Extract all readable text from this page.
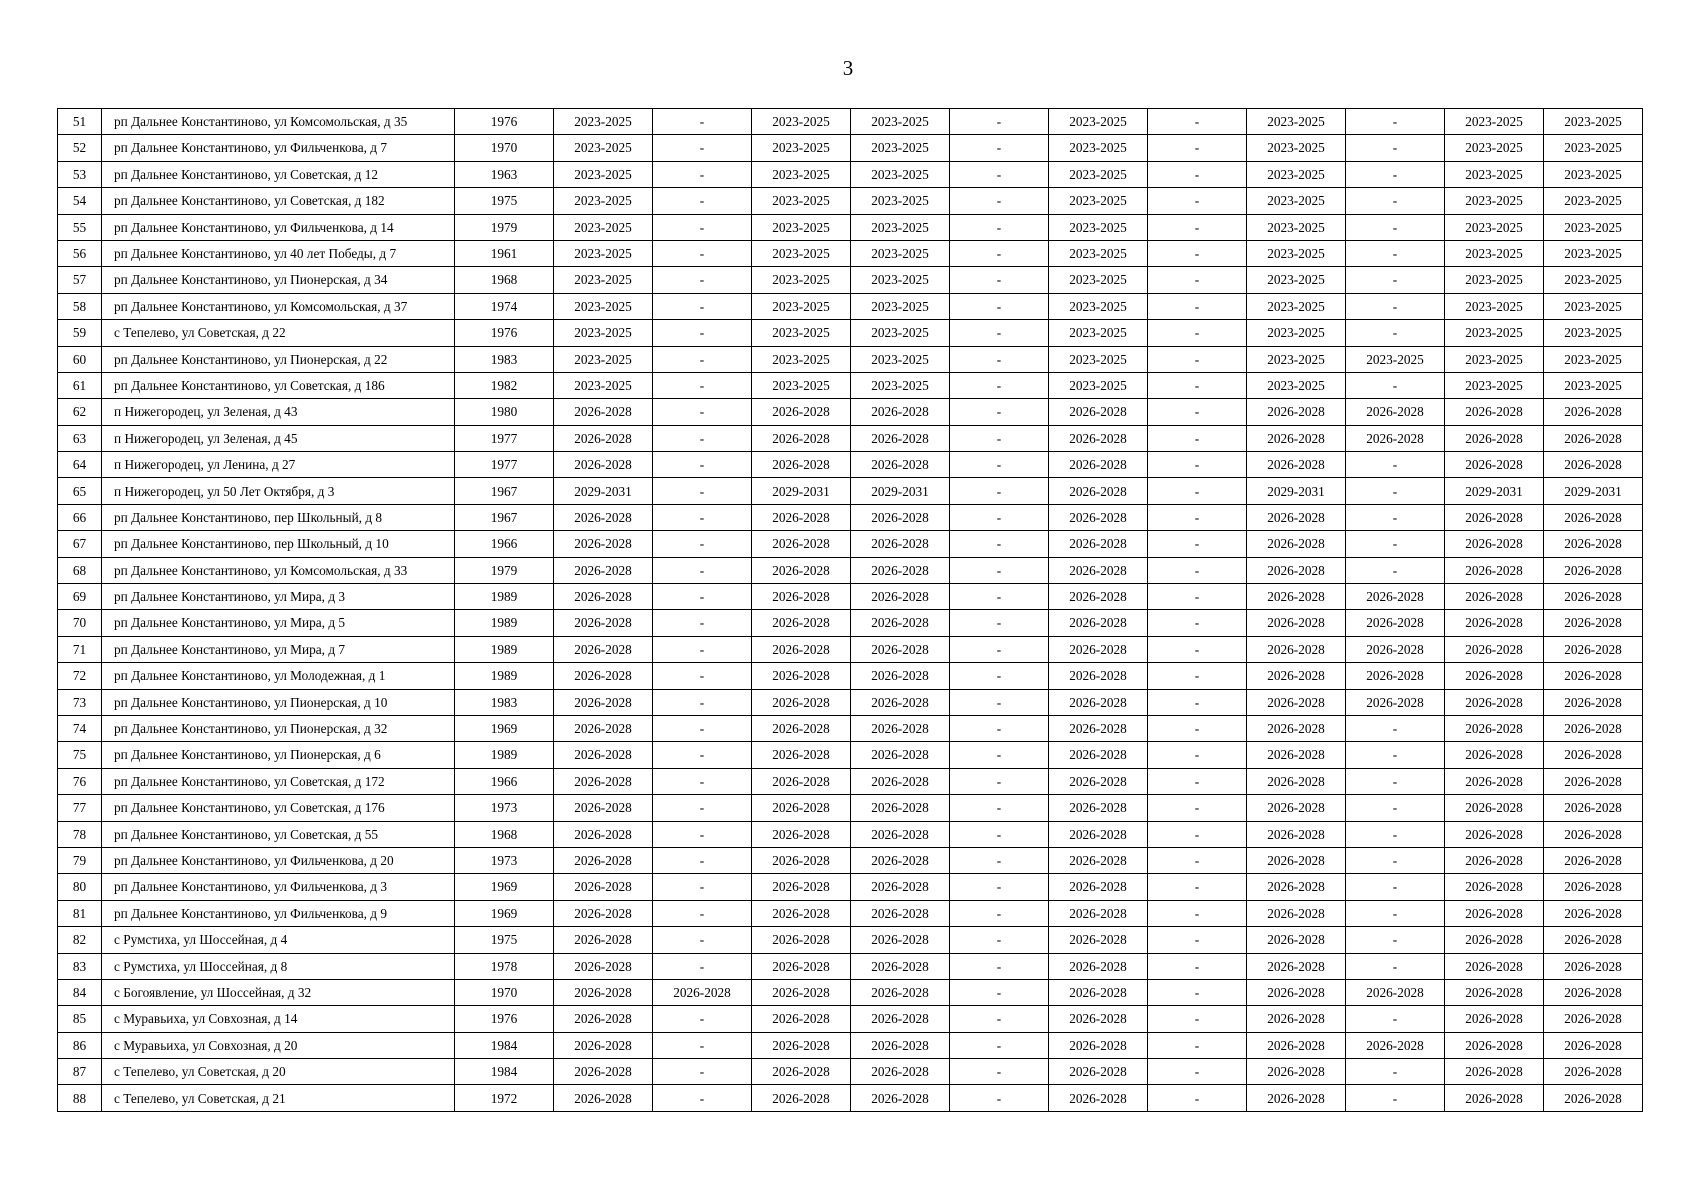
3
51	рп Дальнее Константиново, ул Комсомольская, д 35	1976	2023-2025	-	2023-2025	2023-2025	-	2023-2025	-	2023-2025	-	2023-2025	2023-2025
52	рп Дальнее Константиново, ул Фильченкова, д 7	1970	2023-2025	-	2023-2025	2023-2025	-	2023-2025	-	2023-2025	-	2023-2025	2023-2025
53	рп Дальнее Константиново, ул Советская, д 12	1963	2023-2025	-	2023-2025	2023-2025	-	2023-2025	-	2023-2025	-	2023-2025	2023-2025
54	рп Дальнее Константиново, ул Советская, д 182	1975	2023-2025	-	2023-2025	2023-2025	-	2023-2025	-	2023-2025	-	2023-2025	2023-2025
55	рп Дальнее Константиново, ул Фильченкова, д 14	1979	2023-2025	-	2023-2025	2023-2025	-	2023-2025	-	2023-2025	-	2023-2025	2023-2025
56	рп Дальнее Константиново, ул 40 лет Победы, д 7	1961	2023-2025	-	2023-2025	2023-2025	-	2023-2025	-	2023-2025	-	2023-2025	2023-2025
57	рп Дальнее Константиново, ул Пионерская, д 34	1968	2023-2025	-	2023-2025	2023-2025	-	2023-2025	-	2023-2025	-	2023-2025	2023-2025
58	рп Дальнее Константиново, ул Комсомольская, д 37	1974	2023-2025	-	2023-2025	2023-2025	-	2023-2025	-	2023-2025	-	2023-2025	2023-2025
59	с Тепелево, ул Советская, д 22	1976	2023-2025	-	2023-2025	2023-2025	-	2023-2025	-	2023-2025	-	2023-2025	2023-2025
60	рп Дальнее Константиново, ул Пионерская, д 22	1983	2023-2025	-	2023-2025	2023-2025	-	2023-2025	-	2023-2025	2023-2025	2023-2025	2023-2025
61	рп Дальнее Константиново, ул Советская, д 186	1982	2023-2025	-	2023-2025	2023-2025	-	2023-2025	-	2023-2025	-	2023-2025	2023-2025
62	п Нижегородец, ул Зеленая, д 43	1980	2026-2028	-	2026-2028	2026-2028	-	2026-2028	-	2026-2028	2026-2028	2026-2028	2026-2028
63	п Нижегородец, ул Зеленая, д 45	1977	2026-2028	-	2026-2028	2026-2028	-	2026-2028	-	2026-2028	2026-2028	2026-2028	2026-2028
64	п Нижегородец, ул Ленина, д 27	1977	2026-2028	-	2026-2028	2026-2028	-	2026-2028	-	2026-2028	-	2026-2028	2026-2028
65	п Нижегородец, ул 50 Лет Октября, д 3	1967	2029-2031	-	2029-2031	2029-2031	-	2026-2028	-	2029-2031	-	2029-2031	2029-2031
66	рп Дальнее Константиново, пер Школьный, д 8	1967	2026-2028	-	2026-2028	2026-2028	-	2026-2028	-	2026-2028	-	2026-2028	2026-2028
67	рп Дальнее Константиново, пер Школьный, д 10	1966	2026-2028	-	2026-2028	2026-2028	-	2026-2028	-	2026-2028	-	2026-2028	2026-2028
68	рп Дальнее Константиново, ул Комсомольская, д 33	1979	2026-2028	-	2026-2028	2026-2028	-	2026-2028	-	2026-2028	-	2026-2028	2026-2028
69	рп Дальнее Константиново, ул Мира, д 3	1989	2026-2028	-	2026-2028	2026-2028	-	2026-2028	-	2026-2028	2026-2028	2026-2028	2026-2028
70	рп Дальнее Константиново, ул Мира, д 5	1989	2026-2028	-	2026-2028	2026-2028	-	2026-2028	-	2026-2028	2026-2028	2026-2028	2026-2028
71	рп Дальнее Константиново, ул Мира, д 7	1989	2026-2028	-	2026-2028	2026-2028	-	2026-2028	-	2026-2028	2026-2028	2026-2028	2026-2028
72	рп Дальнее Константиново, ул Молодежная, д 1	1989	2026-2028	-	2026-2028	2026-2028	-	2026-2028	-	2026-2028	2026-2028	2026-2028	2026-2028
73	рп Дальнее Константиново, ул Пионерская, д 10	1983	2026-2028	-	2026-2028	2026-2028	-	2026-2028	-	2026-2028	2026-2028	2026-2028	2026-2028
74	рп Дальнее Константиново, ул Пионерская, д 32	1969	2026-2028	-	2026-2028	2026-2028	-	2026-2028	-	2026-2028	-	2026-2028	2026-2028
75	рп Дальнее Константиново, ул Пионерская, д 6	1989	2026-2028	-	2026-2028	2026-2028	-	2026-2028	-	2026-2028	-	2026-2028	2026-2028
76	рп Дальнее Константиново, ул Советская, д 172	1966	2026-2028	-	2026-2028	2026-2028	-	2026-2028	-	2026-2028	-	2026-2028	2026-2028
77	рп Дальнее Константиново, ул Советская, д 176	1973	2026-2028	-	2026-2028	2026-2028	-	2026-2028	-	2026-2028	-	2026-2028	2026-2028
78	рп Дальнее Константиново, ул Советская, д 55	1968	2026-2028	-	2026-2028	2026-2028	-	2026-2028	-	2026-2028	-	2026-2028	2026-2028
79	рп Дальнее Константиново, ул Фильченкова, д 20	1973	2026-2028	-	2026-2028	2026-2028	-	2026-2028	-	2026-2028	-	2026-2028	2026-2028
80	рп Дальнее Константиново, ул Фильченкова, д 3	1969	2026-2028	-	2026-2028	2026-2028	-	2026-2028	-	2026-2028	-	2026-2028	2026-2028
81	рп Дальнее Константиново, ул Фильченкова, д 9	1969	2026-2028	-	2026-2028	2026-2028	-	2026-2028	-	2026-2028	-	2026-2028	2026-2028
82	с Румстиха, ул Шоссейная, д 4	1975	2026-2028	-	2026-2028	2026-2028	-	2026-2028	-	2026-2028	-	2026-2028	2026-2028
83	с Румстиха, ул Шоссейная, д 8	1978	2026-2028	-	2026-2028	2026-2028	-	2026-2028	-	2026-2028	-	2026-2028	2026-2028
84	с Богоявление, ул Шоссейная, д 32	1970	2026-2028	2026-2028	2026-2028	2026-2028	-	2026-2028	-	2026-2028	2026-2028	2026-2028	2026-2028
85	с Муравьиха, ул Совхозная, д 14	1976	2026-2028	-	2026-2028	2026-2028	-	2026-2028	-	2026-2028	-	2026-2028	2026-2028
86	с Муравьиха, ул Совхозная, д 20	1984	2026-2028	-	2026-2028	2026-2028	-	2026-2028	-	2026-2028	2026-2028	2026-2028	2026-2028
87	с Тепелево, ул Советская, д 20	1984	2026-2028	-	2026-2028	2026-2028	-	2026-2028	-	2026-2028	-	2026-2028	2026-2028
88	с Тепелево, ул Советская, д 21	1972	2026-2028	-	2026-2028	2026-2028	-	2026-2028	-	2026-2028	-	2026-2028	2026-2028
